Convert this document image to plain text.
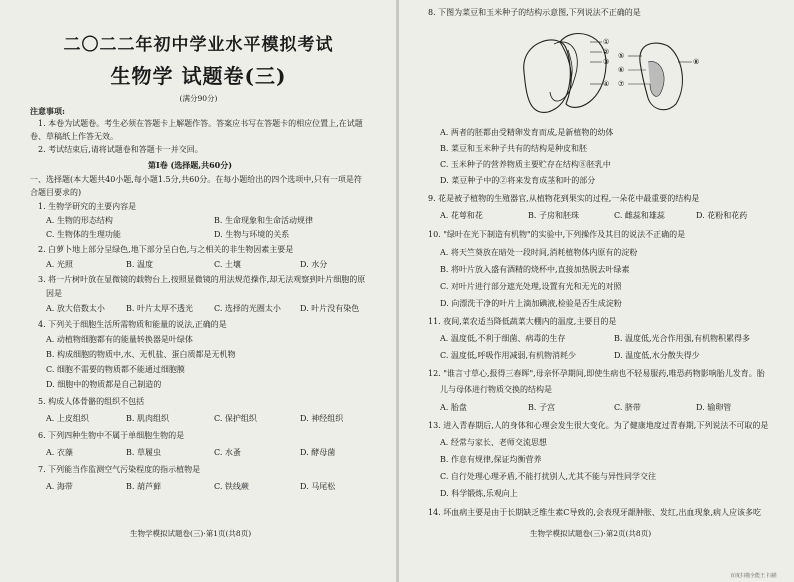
二〇二二年初中学业水平模拟考试
生物学 试题卷(三)
(满分90分)
注意事项:
1. 本卷为试题卷。考生必须在答题卡上解题作答。答案应书写在答题卡的相应位置上,在试题
卷、草稿纸上作答无效。
2. 考试结束后,请将试题卷和答题卡一并交回。
第Ⅰ卷 (选择题,共60分)
一、选择题(本大题共40小题,每小题1.5分,共60分。在每小题给出的四个选项中,只有一项是符
合题目要求的)
1. 生物学研究的主要内容是
A. 生物的形态结构	B. 生命现象和生命活动规律
C. 生物体的生理功能	D. 生物与环境的关系
2. 白萝卜地上部分呈绿色,地下部分呈白色,与之相关的非生物因素主要是
A. 光照	B. 温度	C. 土壤	D. 水分
3. 将一片树叶放在显微镜的载物台上,按照显微镜的用法规范操作,却无法观察到叶片细胞的原
因是
A. 放大倍数太小	B. 叶片太厚不透光	C. 选择的光圈太小 D. 叶片没有染色
4. 下列关于细胞生活所需物质和能量的说法,正确的是
A. 动植物细胞都有的能量转换器是叶绿体
B. 构成细胞的物质中,水、无机盐、蛋白质都是无机物
C. 细胞不需要的物质都不能通过细胞膜
D. 细胞中的物质都是自己制造的
5. 构成人体骨骼的组织不包括
A. 上皮组织	B. 肌肉组织	C. 保护组织	D. 神经组织
6. 下列四种生物中不属于单细胞生物的是
A. 衣藻	B. 草履虫	C. 水蚤	D. 酵母菌
7. 下列能当作监测空气污染程度的指示植物是
A. 海带	B. 葫芦藓	C. 铁线蕨	D. 马尾松
生物学模拟试题卷(三)·第1页(共8页)
8. 下图为菜豆和玉米种子的结构示意图,下列说法不正确的是
①
②
③
④
⑤
⑥
⑦
⑧
A. 两者的胚都由受精卵发育而成,是新植物的幼体
B. 菜豆和玉米种子共有的结构是种皮和胚
C. 玉米种子的营养物质主要贮存在结构⑧胚乳中
D. 菜豆种子中的②将来发育成茎和叶的部分
9. 花是被子植物的生殖器官,从植物花到果实的过程,一朵花中最重要的结构是
A. 花萼和花	B. 子房和胚珠	C. 雌蕊和雄蕊	D. 花粉和花药
10. "绿叶在光下制造有机物"的实验中,下列操作及其目的说法不正确的是
A. 将天竺葵放在暗处一段时间,消耗植物体内原有的淀粉
B. 将叶片放入盛有酒精的烧杯中,直接加热脱去叶绿素
C. 对叶片进行部分遮光处理,设置有光和无光的对照
D. 向漂洗干净的叶片上滴加碘液,检验是否生成淀粉
11. 夜间,菜农适当降低蔬菜大棚内的温度,主要目的是
A. 温度低,不利于细菌、病毒的生存	B. 温度低,光合作用强,有机物积累得多
C. 温度低,呼吸作用减弱,有机物消耗少	D. 温度低,水分散失得少
12. "谁言寸草心,报得三春晖",母亲怀孕期间,即使生病也不轻易服药,唯恐药物影响胎儿发育。胎
儿与母体进行物质交换的结构是
A. 胎盘	B. 子宫	C. 脐带	D. 输卵管
13. 进入青春期后,人的身体和心理会发生很大变化。为了健康地度过青春期,下列说法不可取的是
A. 经常与家长、老师交流思想
B. 作息有规律,保证均衡营养
C. 自行处理心理矛盾,不能打扰别人,尤其不能与异性同学交往
D. 科学锻炼,乐观向上
14. 坏血病主要是由于长期缺乏维生素C导致的,会表现牙龈肿胀、发红,出血现象,病人应该多吃
生物学模拟试题卷(三)·第2页(共8页)
百度扫描全能王 扫描
